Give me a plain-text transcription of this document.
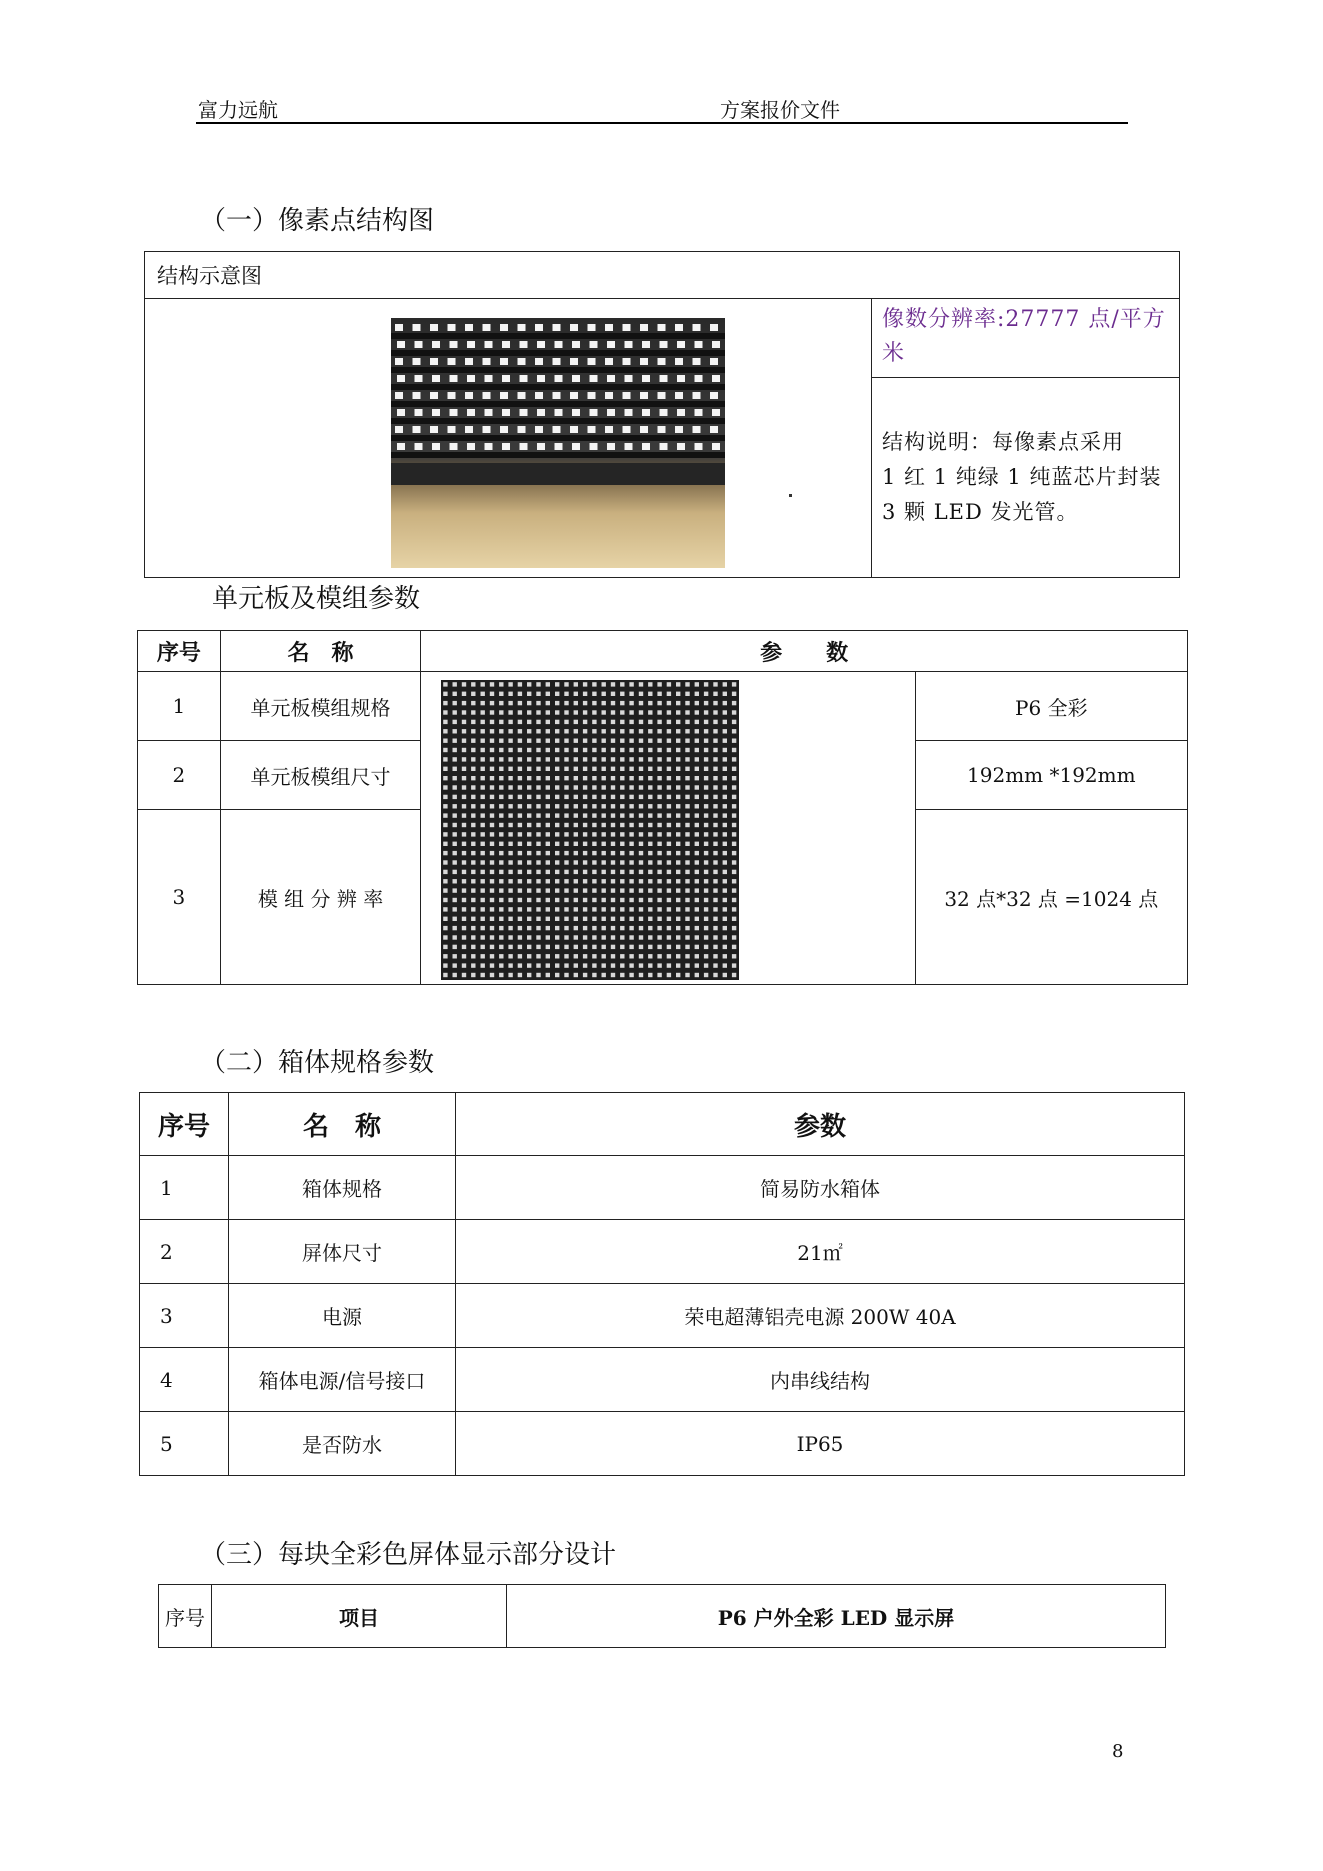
富力远航	方案报价文件
（一）像素点结构图
结构示意图

	像数分辨率:27777 点/平方米

结构说明：每像素点采用
1 红 1 纯绿 1 纯蓝芯片封装
3 颗 LED 发光管。
单元板及模组参数
序号	名　称	参　　数	
1	单元板模组规格		P6 全彩
2	单元板模组尺寸		192mm *192mm
3	模 组 分 辨 率		32 点*32 点 =1024 点
（二）箱体规格参数
序号	名　称	参数
1	箱体规格	简易防水箱体
2	屏体尺寸	21㎡
3	电源	荣电超薄铝壳电源 200W 40A
4	箱体电源/信号接口	内串线结构
5	是否防水	IP65
（三）每块全彩色屏体显示部分设计
序号	项目	P6 户外全彩 LED 显示屏
8
